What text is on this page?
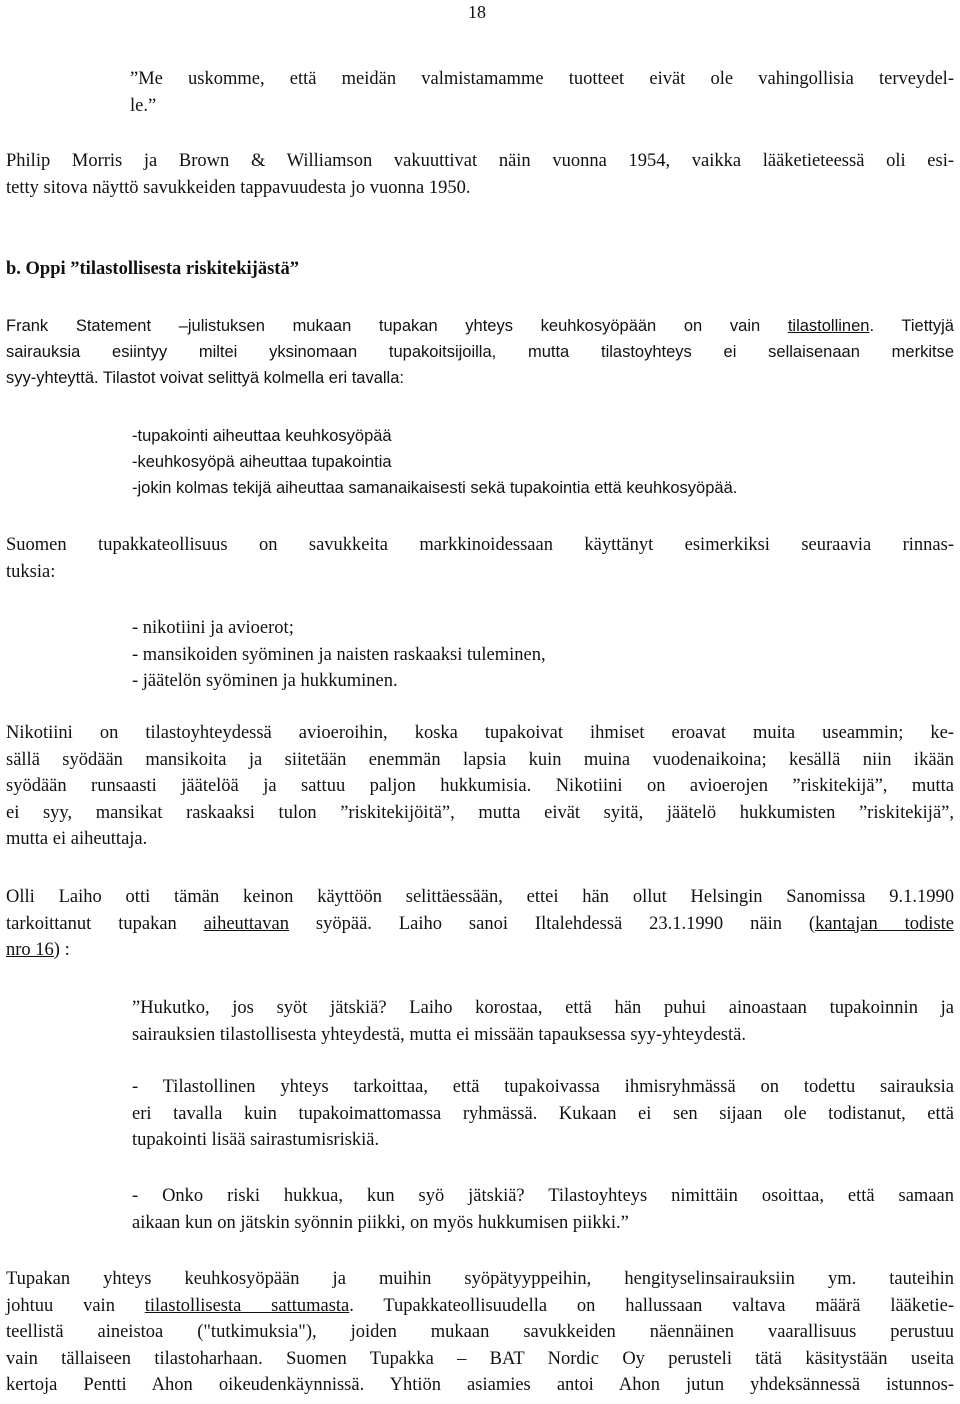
18

”Me uskomme, että meidän valmistamamme tuotteet eivät ole vahingollisia terveydel-

le.”

Philip Morris ja Brown & Williamson vakuuttivat näin vuonna 1954, vaikka lääketieteessä oli esi-

tetty sitova näyttö savukkeiden tappavuudesta jo vuonna 1950.

b. Oppi ”tilastollisesta riskitekijästä”

Frank Statement –julistuksen mukaan tupakan yhteys keuhkosyöpään on vain tilastollinen. Tiettyjä

sairauksia esiintyy miltei yksinomaan tupakoitsijoilla, mutta tilastoyhteys ei sellaisenaan merkitse

syy-yhteyttä. Tilastot voivat selittyä kolmella eri tavalla:

-tupakointi aiheuttaa keuhkosyöpää

-keuhkosyöpä aiheuttaa tupakointia

-jokin kolmas tekijä aiheuttaa samanaikaisesti sekä tupakointia että keuhkosyöpää.

Suomen tupakkateollisuus on savukkeita markkinoidessaan käyttänyt esimerkiksi seuraavia rinnas-

tuksia:

- nikotiini ja avioerot;

- mansikoiden syöminen ja naisten raskaaksi tuleminen,

- jäätelön syöminen ja hukkuminen.

Nikotiini on tilastoyhteydessä avioeroihin, koska tupakoivat ihmiset eroavat muita useammin; ke-

sällä syödään mansikoita ja siitetään enemmän lapsia kuin muina vuodenaikoina; kesällä niin ikään

syödään runsaasti jäätelöä ja sattuu paljon hukkumisia. Nikotiini on avioerojen ”riskitekijä”, mutta

ei syy, mansikat raskaaksi tulon ”riskitekijöitä”, mutta eivät syitä, jäätelö hukkumisten ”riskitekijä”,

mutta ei aiheuttaja.

Olli Laiho otti tämän keinon käyttöön selittäessään, ettei hän ollut Helsingin Sanomissa 9.1.1990

tarkoittanut tupakan aiheuttavan syöpää. Laiho sanoi Iltalehdessä 23.1.1990 näin (kantajan todiste

nro 16) :

”Hukutko, jos syöt jätskiä? Laiho korostaa, että hän puhui ainoastaan tupakoinnin ja

sairauksien tilastollisesta yhteydestä, mutta ei missään tapauksessa syy-yhteydestä.

- Tilastollinen yhteys tarkoittaa, että tupakoivassa ihmisryhmässä on todettu sairauksia

eri tavalla kuin tupakoimattomassa ryhmässä. Kukaan ei sen sijaan ole todistanut, että

tupakointi lisää sairastumisriskiä.

- Onko riski hukkua, kun syö jätskiä? Tilastoyhteys nimittäin osoittaa, että samaan

aikaan kun on jätskin syönnin piikki, on myös hukkumisen piikki.”

Tupakan yhteys keuhkosyöpään ja muihin syöpätyyppeihin, hengityselinsairauksiin ym. tauteihin

johtuu vain tilastollisesta sattumasta. Tupakkateollisuudella on hallussaan valtava määrä lääketie-

teellistä aineistoa ("tutkimuksia"), joiden mukaan savukkeiden näennäinen vaarallisuus perustuu

vain tällaiseen tilastoharhaan. Suomen Tupakka – BAT Nordic Oy perusteli tätä käsitystään useita

kertoja Pentti Ahon oikeudenkäynnissä. Yhtiön asiamies antoi Ahon jutun yhdeksännessä istunnos-
